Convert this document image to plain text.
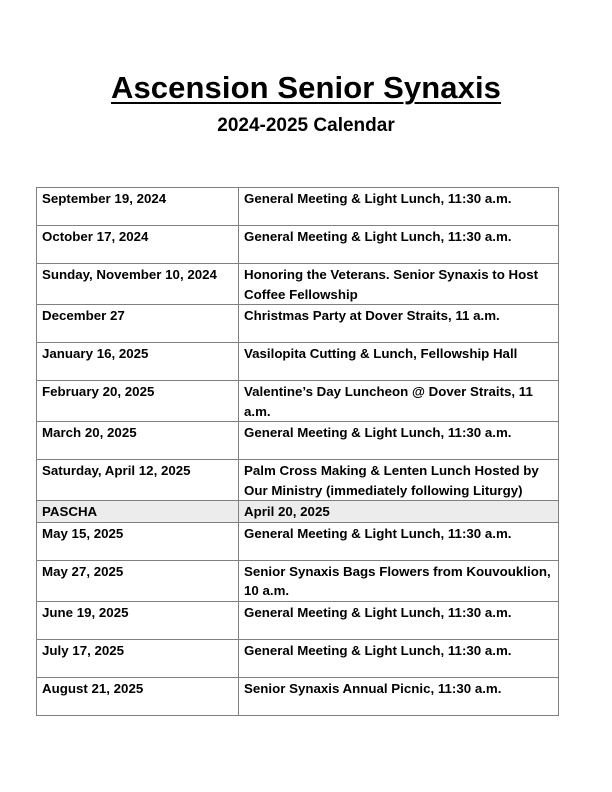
Ascension Senior Synaxis
2024-2025 Calendar
September 19, 2024	General Meeting & Light Lunch, 11:30 a.m.
October 17, 2024	General Meeting & Light Lunch, 11:30 a.m.
Sunday, November 10, 2024	Honoring the Veterans. Senior Synaxis to Host Coffee Fellowship
December 27	Christmas Party at Dover Straits, 11 a.m.
January 16, 2025	Vasilopita Cutting & Lunch, Fellowship Hall
February 20, 2025	Valentine’s Day Luncheon @ Dover Straits, 11 a.m.
March 20, 2025	General Meeting & Light Lunch, 11:30 a.m.
Saturday, April 12, 2025	Palm Cross Making & Lenten Lunch Hosted by Our Ministry (immediately following Liturgy)
PASCHA	April 20, 2025
May 15, 2025	General Meeting & Light Lunch, 11:30 a.m.
May 27, 2025	Senior Synaxis Bags Flowers from Kouvouklion, 10 a.m.
June 19, 2025	General Meeting & Light Lunch, 11:30 a.m.
July 17, 2025	General Meeting & Light Lunch, 11:30 a.m.
August 21, 2025	Senior Synaxis Annual Picnic, 11:30 a.m.
